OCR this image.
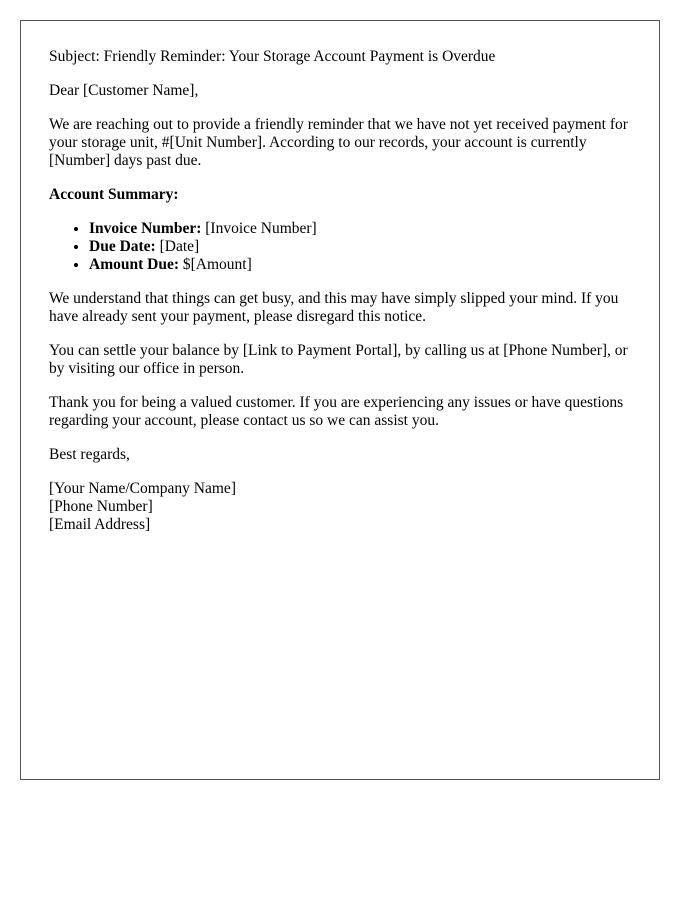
Subject: Friendly Reminder: Your Storage Account Payment is Overdue

Dear [Customer Name],

We are reaching out to provide a friendly reminder that we have not yet received payment for your storage unit, #[Unit Number]. According to our records, your account is currently [Number] days past due.

Account Summary:

• Invoice Number: [Invoice Number]
• Due Date: [Date]
• Amount Due: $[Amount]

We understand that things can get busy, and this may have simply slipped your mind. If you have already sent your payment, please disregard this notice.

You can settle your balance by [Link to Payment Portal], by calling us at [Phone Number], or by visiting our office in person.

Thank you for being a valued customer. If you are experiencing any issues or have questions regarding your account, please contact us so we can assist you.

Best regards,

[Your Name/Company Name]
[Phone Number]
[Email Address]
